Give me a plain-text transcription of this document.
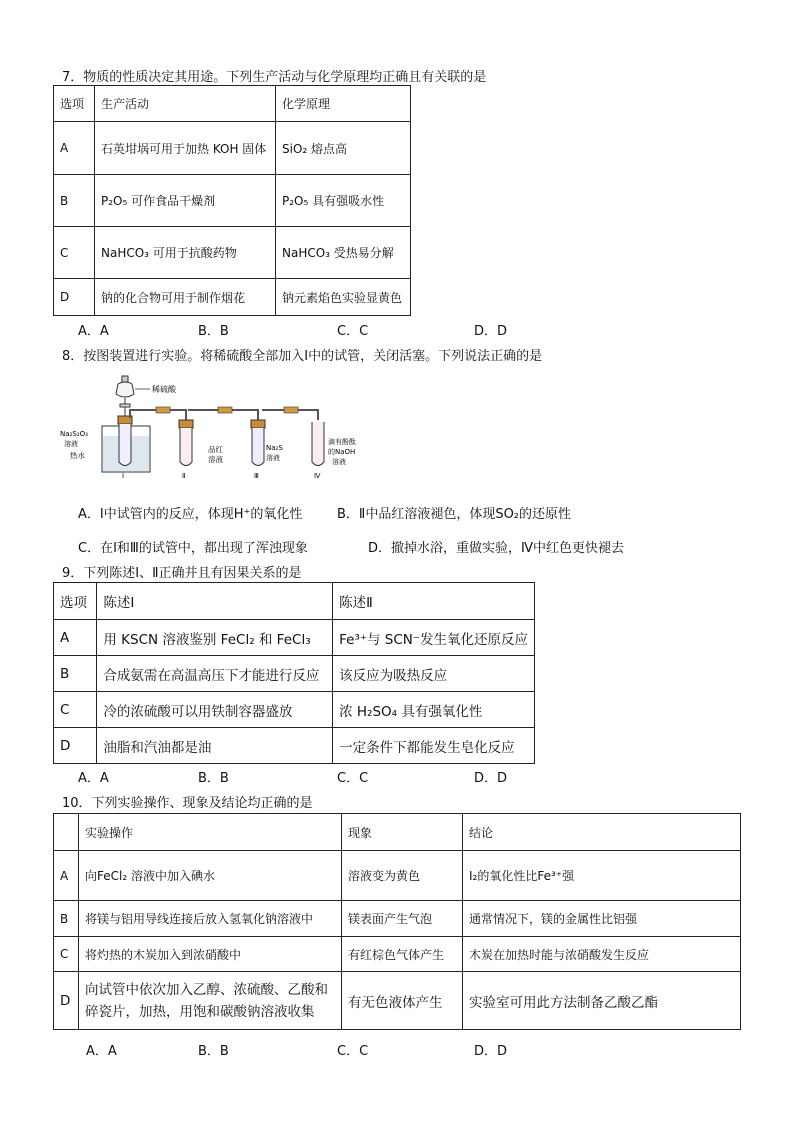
7．物质的性质决定其用途。下列生产活动与化学原理均正确且有关联的是
选项	生产活动	化学原理
A	石英坩埚可用于加热 KOH 固体	SiO₂ 熔点高
B	P₂O₅ 可作食品干燥剂	P₂O₅ 具有强吸水性
C	NaHCO₃ 可用于抗酸药物	NaHCO₃ 受热易分解
D	钠的化合物可用于制作烟花	钠元素焰色实验显黄色
A．A	B．B	C．C	D．D
8．按图装置进行实验。将稀硫酸全部加入Ⅰ中的试管，关闭活塞。下列说法正确的是
稀硫酸
Na₂S₂O₃
溶液
热水
品红
溶液
Na₂S
溶液
滴有酚酞
的NaOH
溶液
Ⅰ	Ⅱ	Ⅲ	Ⅳ
A．Ⅰ中试管内的反应，体现H⁺的氧化性	B．Ⅱ中品红溶液褪色，体现SO₂的还原性
C．在Ⅰ和Ⅲ的试管中，都出现了浑浊现象	D．撤掉水浴，重做实验，Ⅳ中红色更快褪去
9．下列陈述Ⅰ、Ⅱ正确并且有因果关系的是
选项	陈述Ⅰ	陈述Ⅱ
A	用 KSCN 溶液鉴别 FeCl₂ 和 FeCl₃	Fe³⁺与 SCN⁻发生氧化还原反应
B	合成氨需在高温高压下才能进行反应	该反应为吸热反应
C	冷的浓硫酸可以用铁制容器盛放	浓 H₂SO₄ 具有强氧化性
D	油脂和汽油都是油	一定条件下都能发生皂化反应
A．A	B．B	C．C	D．D
10．下列实验操作、现象及结论均正确的是
	实验操作	现象	结论
A	向FeCl₂ 溶液中加入碘水	溶液变为黄色	I₂的氧化性比Fe³⁺强
B	将镁与铝用导线连接后放入氢氧化钠溶液中	镁表面产生气泡	通常情况下，镁的金属性比铝强
C	将灼热的木炭加入到浓硝酸中	有红棕色气体产生	木炭在加热时能与浓硝酸发生反应
D	向试管中依次加入乙醇、浓硫酸、乙酸和
碎瓷片，加热，用饱和碳酸钠溶液收集	有无色液体产生	实验室可用此方法制备乙酸乙酯
A．A	B．B	C．C	D．D
